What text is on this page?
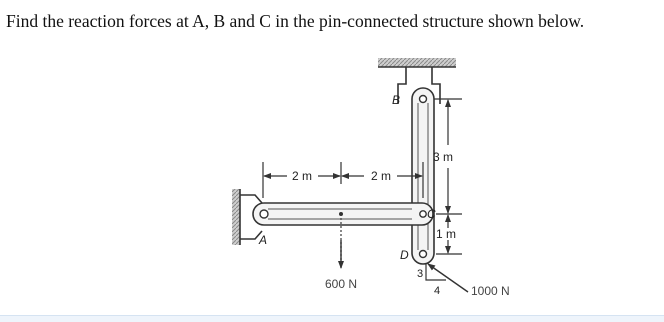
Find the reaction forces at A, B and C in the pin-connected structure shown below.
2 m	2 m
3 m
1 m
A
B
C
D
600 N
3
4	1000 N
